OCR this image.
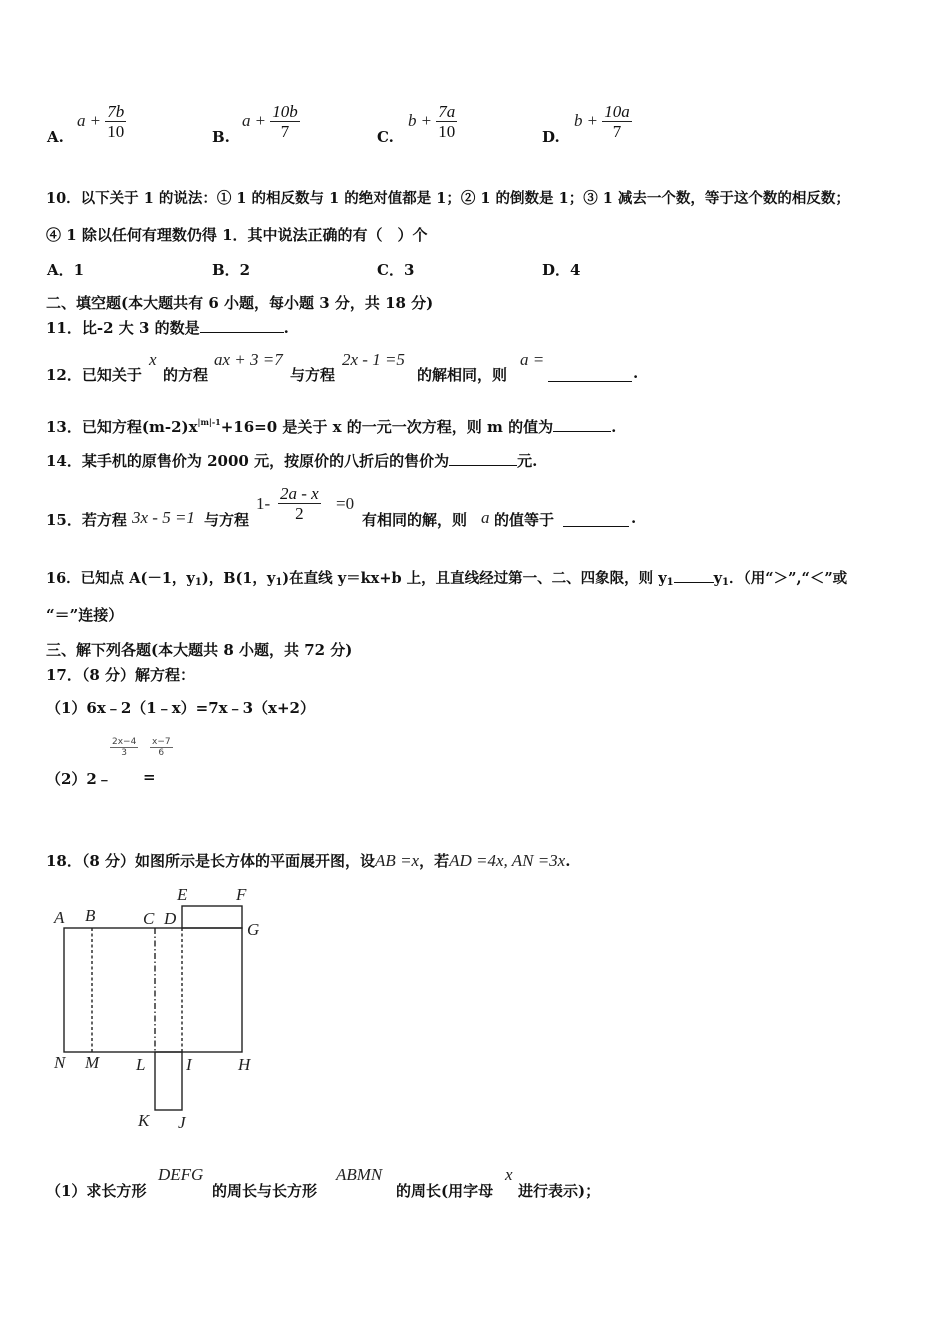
A.
$a + \frac{7b}{10}$	B.
$a + \frac{10b}{7}$	C.
$b + \frac{7a}{10}$	D.
$b + \frac{10a}{7}$
10．以下关于 1 的说法：① 1 的相反数与 1 的绝对值都是 1；② 1 的倒数是 1；③ 1 减去一个数，等于这个数的相反数；
④ 1 除以任何有理数仍得 1．其中说法正确的有（　）个
A．1	B．2	C．3	D．4
二、填空题(本大题共有 6 小题，每小题 3 分，共 18 分)
11．比-2 大 3 的数是	.
12．已知关于
x
的方程
ax + 3 =7
与方程
2x - 1 =5
的解相同，则
a =
.
13．已知方程$(m-2)x^{|m|-1}+16=0$ 是关于 x 的一元一次方程，则 m 的值为	.
14．某手机的原售价为 2000 元，按原价的八折后的售价为	元.
15．若方程 3x - 5 =1 与方程
$1- \frac{2a - x}{2} =0$
有相同的解，则 a 的值等于	.
16．已知点 A(－1，$y_1$)，B(1，$y_1$)在直线 y＝kx+b 上，且直线经过第一、二、四象限，则 $y_1$	$y_1$．（用“＞”,“＜”或
“＝”连接）
三、解下列各题(本大题共 8 小题，共 72 分)
17．（8 分）解方程：
（1）6x﹣2（1﹣x）=7x﹣3（x+2）
2x−4
3
x−7
6
（2）2﹣ =
18．（8 分）如图所示是长方体的平面展开图，设AB =x，若AD =4x, AN =3x.
A B	C D
E	F
G
N M L I	H
K J
（1）求长方形
DEFG
的周长与长方形
ABMN
的周长(用字母
x
进行表示)；
